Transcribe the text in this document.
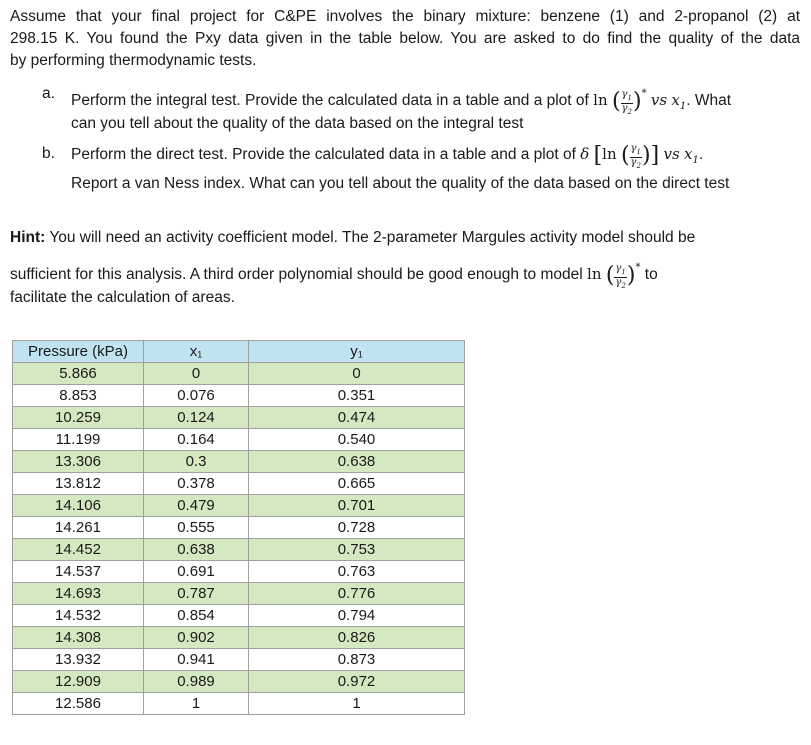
Assume that your final project for C&PE involves the binary mixture: benzene (1) and 2-propanol (2) at
298.15 K. You found the Pxy data given in the table below. You are asked to do find the quality of the data
by performing thermodynamic tests.

a. Perform the integral test. Provide the calculated data in a table and a plot of ln ( $\frac{\gamma_1}{\gamma_2} )^*$ vs $x_1$. What
can you tell about the quality of the data based on the integral test
b. Perform the direct test. Provide the calculated data in a table and a plot of δ [ln ( $\frac{\gamma_1}{\gamma_2}$ )] vs $x_1$.
Report a van Ness index. What can you tell about the quality of the data based on the direct test
Hint: You will need an activity coefficient model. The 2-parameter Margules activity model should be
sufficient for this analysis. A third order polynomial should be good enough to model ln ( $\frac{\gamma_1}{\gamma_2} )^*$ to
facilitate the calculation of areas.
Pressure (kPa)	x₁	y₁
5.866	0	0
8.853	0.076	0.351
10.259	0.124	0.474
11.199	0.164	0.540
13.306	0.3	0.638
13.812	0.378	0.665
14.106	0.479	0.701
14.261	0.555	0.728
14.452	0.638	0.753
14.537	0.691	0.763
14.693	0.787	0.776
14.532	0.854	0.794
14.308	0.902	0.826
13.932	0.941	0.873
12.909	0.989	0.972
12.586	1	1
